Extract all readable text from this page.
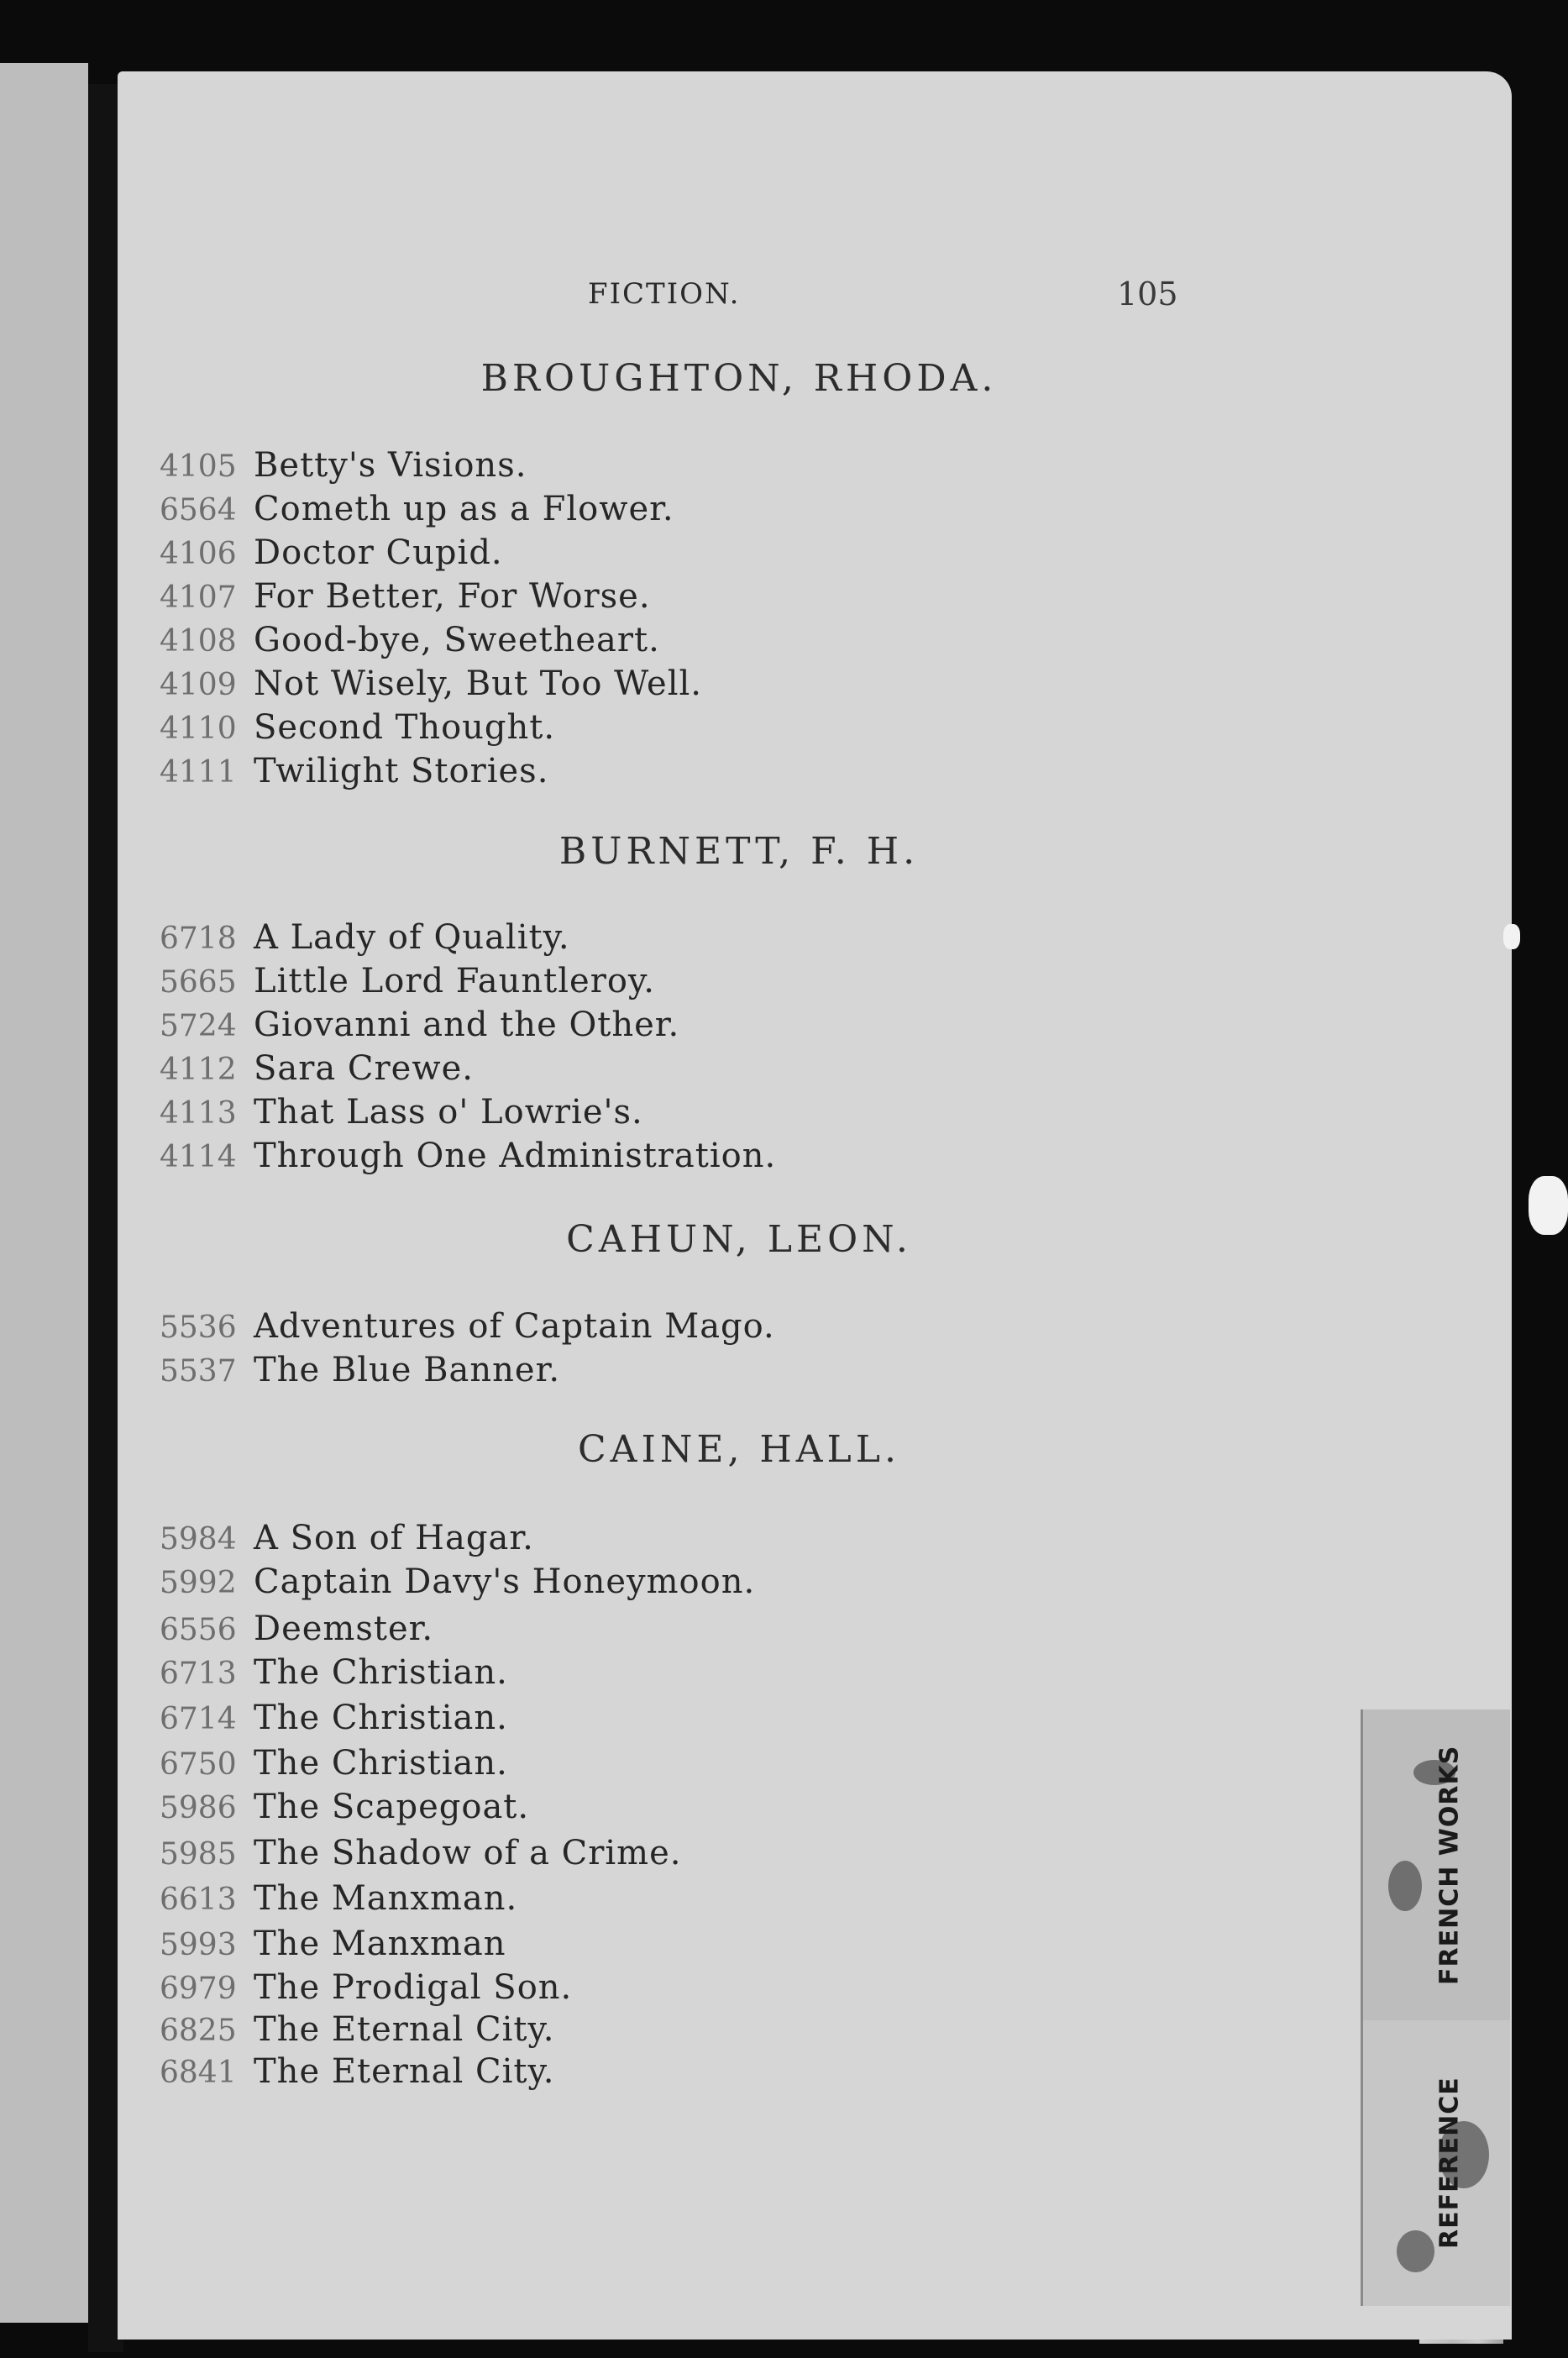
FICTION.	105
BROUGHTON, RHODA.
4105 Betty's Visions.
6564 Cometh up as a Flower.
4106 Doctor Cupid.
4107 For Better, For Worse.
4108 Good-bye, Sweetheart.
4109 Not Wisely, But Too Well.
4110 Second Thought.
4111 Twilight Stories.
BURNETT, F. H.
6718 A Lady of Quality.
5665 Little Lord Fauntleroy.
5724 Giovanni and the Other.
4112 Sara Crewe.
4113 That Lass o' Lowrie's.
4114 Through One Administration.
CAHUN, LEON.
5536 Adventures of Captain Mago.
5537 The Blue Banner.
CAINE, HALL.
5984 A Son of Hagar.
5992 Captain Davy's Honeymoon.
6556 Deemster.
6713 The Christian.
6714 The Christian.
6750 The Christian.
5986 The Scapegoat.
5985 The Shadow of a Crime.
6613 The Manxman.
5993 The Manxman
6979 The Prodigal Son.
6825 The Eternal City.
6841 The Eternal City.
FRENCH WORKS
REFERENCE
